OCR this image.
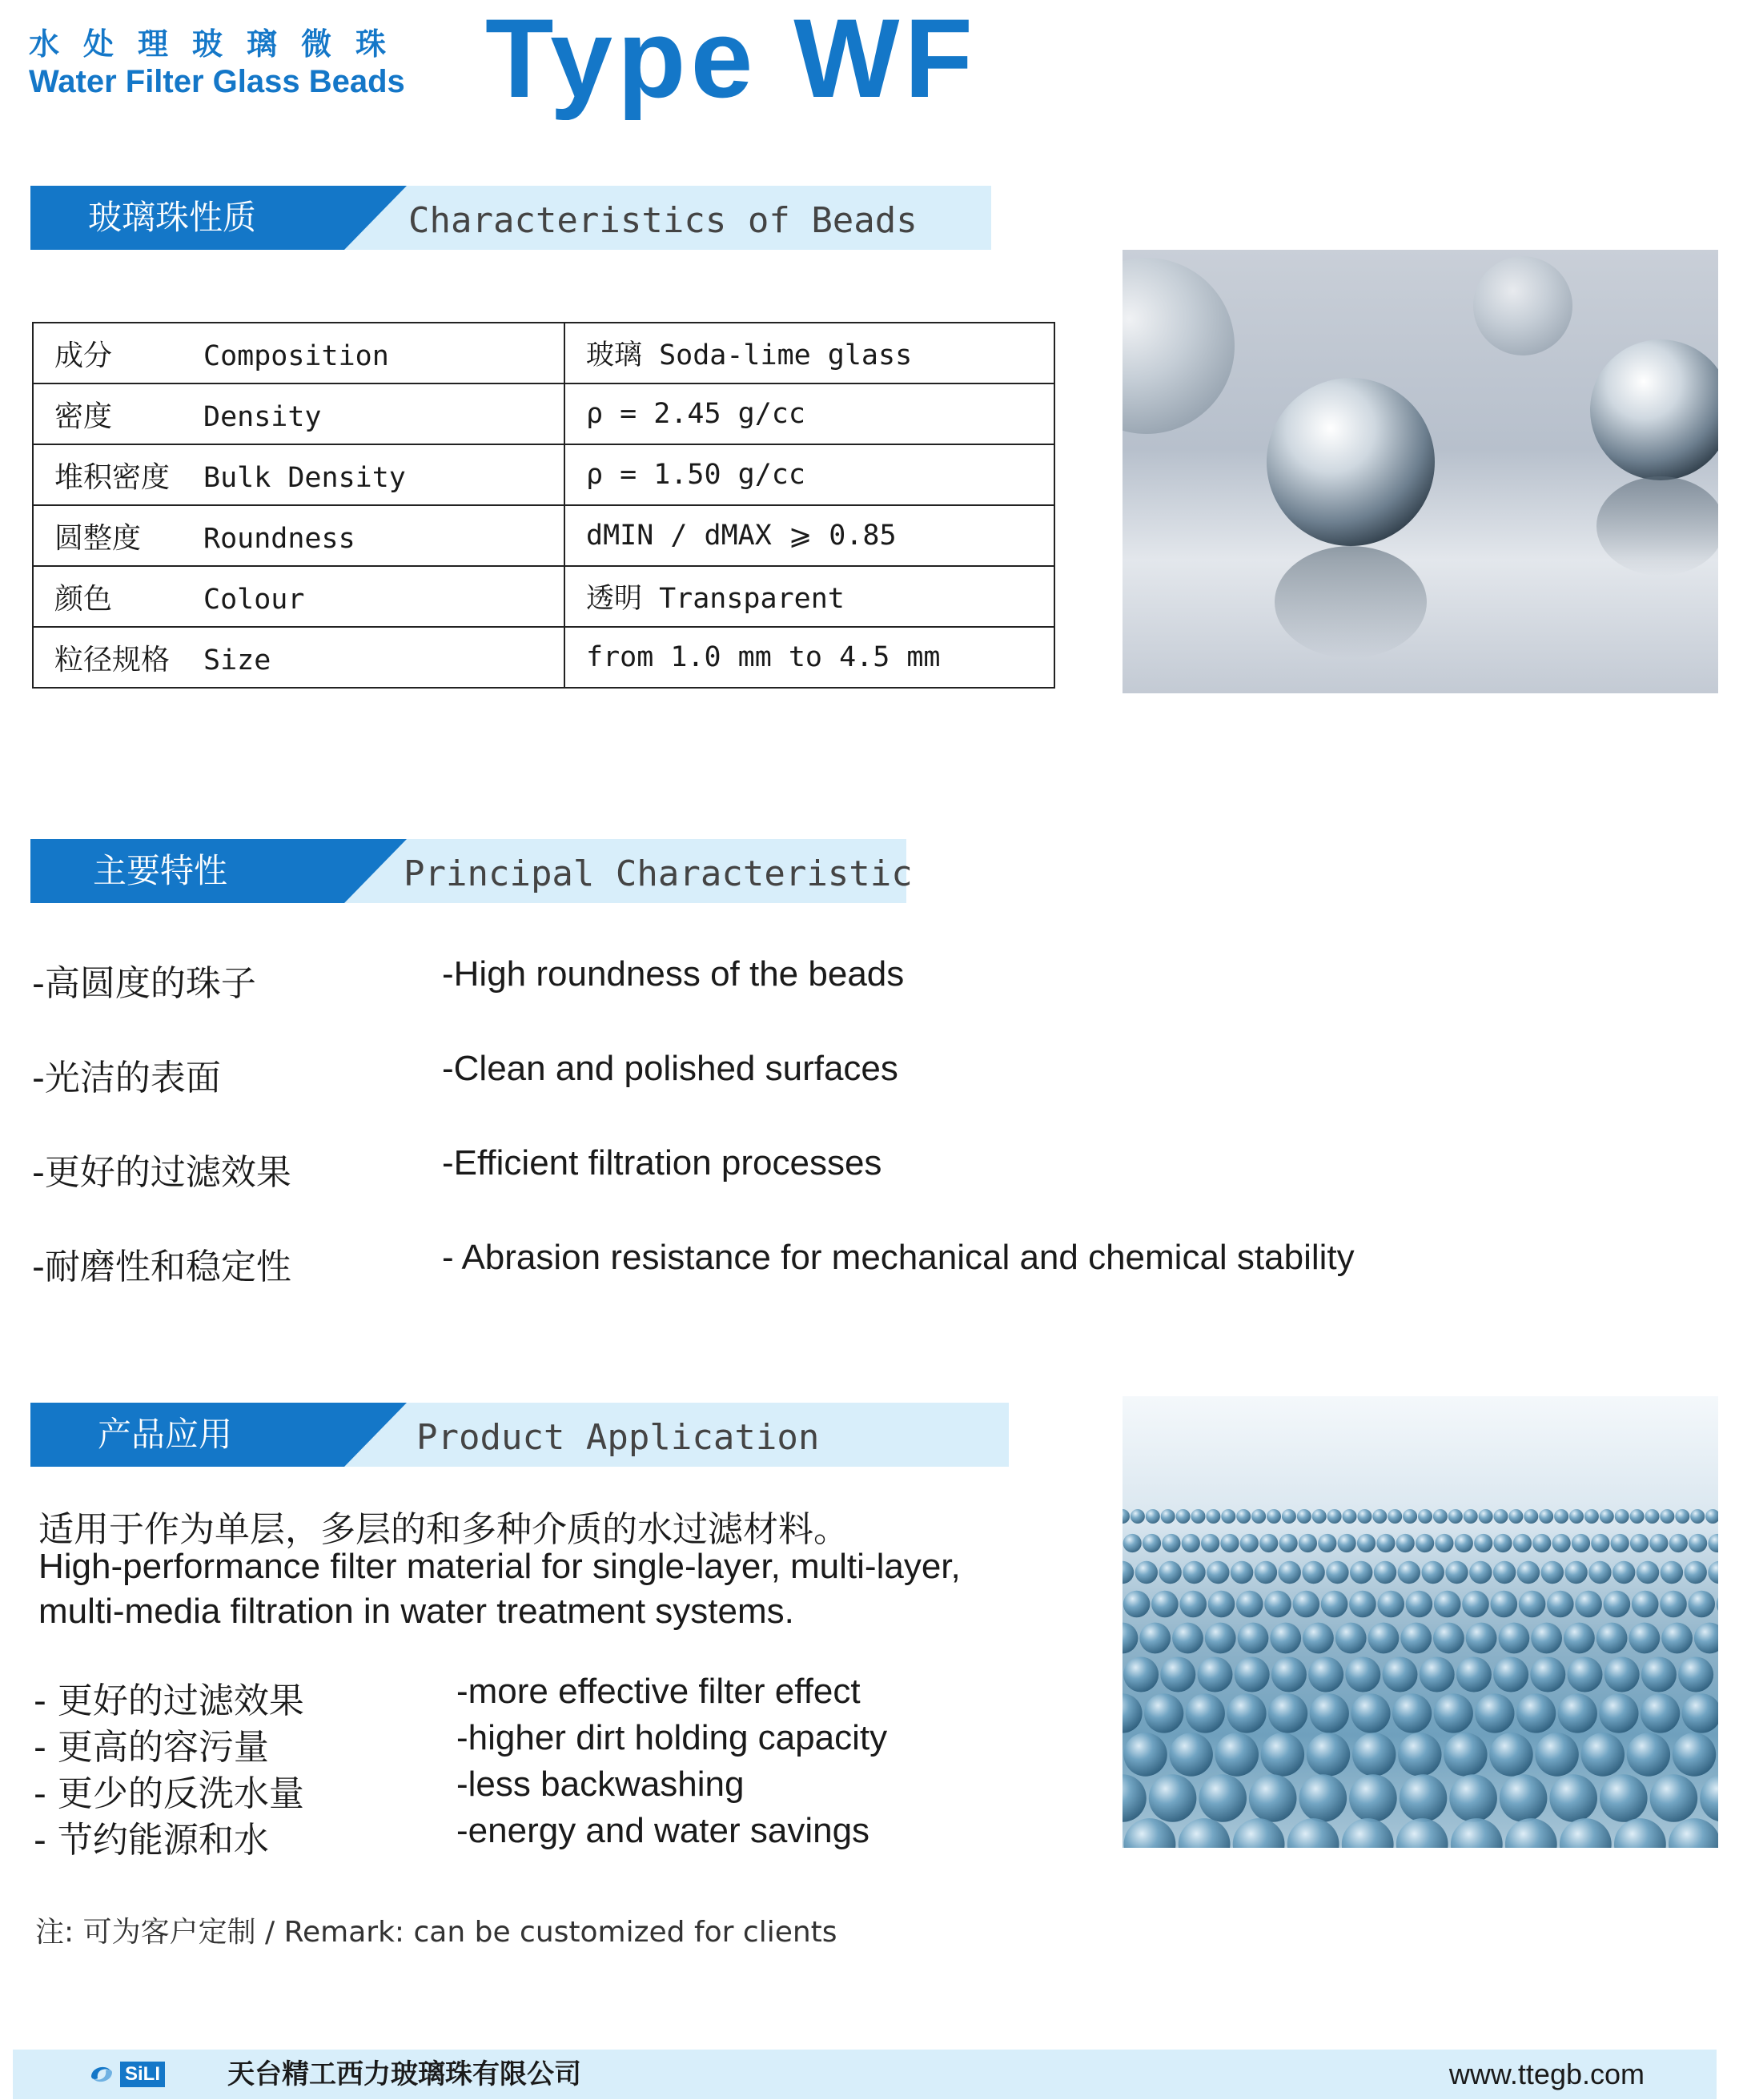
水处理玻璃微珠
Water Filter Glass Beads Type WF
玻璃珠性质	Characteristics of Beads
成分 Composition	玻璃 Soda-lime glass
密度 Density	ρ = 2.45 g/cc
堆积密度 Bulk Density	ρ = 1.50 g/cc
圆整度 Roundness	dMIN / dMAX ⩾ 0.85
颜色 Colour	透明 Transparent
粒径规格 Size	from 1.0 mm to 4.5 mm
主要特性	Principal Characteristic
-高圆度的珠子	-High roundness of the beads
-光洁的表面	-Clean and polished surfaces
-更好的过滤效果	-Efficient filtration processes
-耐磨性和稳定性	- Abrasion resistance for mechanical and chemical stability
产品应用	Product Application
适用于作为单层，多层的和多种介质的水过滤材料。
High-performance filter material for single-layer, multi-layer,
multi-media filtration in water treatment systems.
- 更好的过滤效果	-more effective filter effect
- 更高的容污量	-higher dirt holding capacity
- 更少的反洗水量	-less backwashing
- 节约能源和水	-energy and water savings
注: 可为客户定制 / Remark: can be customized for clients
SiLI 天台精工西力玻璃珠有限公司	www.ttegb.com
